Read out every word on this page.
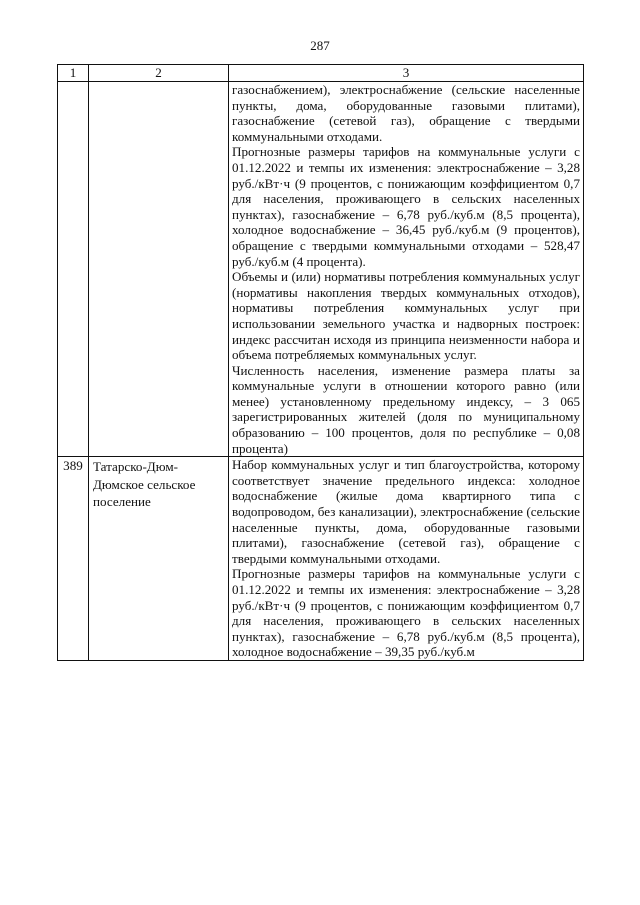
287
1	2	3

		газоснабжением), электроснабжение (сельские населенные пункты, дома, оборудованные газовыми плитами), газоснабжение (сетевой газ), обращение с твердыми коммунальными отходами.

Прогнозные размеры тарифов на коммунальные услуги с 01.12.2022 и темпы их изменения: электроснабжение – 3,28 руб./кВт·ч (9 процентов, с понижающим коэффициентом 0,7 для населения, проживающего в сельских населенных пунктах), газоснабжение – 6,78 руб./куб.м (8,5 процента), холодное водоснабжение – 36,45 руб./куб.м (9 процентов), обращение с твердыми коммунальными отходами – 528,47 руб./куб.м (4 процента).

Объемы и (или) нормативы потребления коммунальных услуг (нормативы накопления твердых коммунальных отходов), нормативы потребления коммунальных услуг при использовании земельного участка и надворных построек: индекс рассчитан исходя из принципа неизменности набора и объема потребляемых коммунальных услуг.

Численность населения, изменение размера платы за коммунальные услуги в отношении которого равно (или менее) установленному предельному индексу, – 3 065 зарегистрированных жителей (доля по муниципальному образованию – 100 процентов, доля по республике – 0,08 процента)

389	Татарско-Дюм-Дюмское сельское поселение	Набор коммунальных услуг и тип благоустройства, которому соответствует значение предельного индекса: холодное водоснабжение (жилые дома квартирного типа с водопроводом, без канализации), электроснабжение (сельские населенные пункты, дома, оборудованные газовыми плитами), газоснабжение (сетевой газ), обращение с твердыми коммунальными отходами.

Прогнозные размеры тарифов на коммунальные услуги с 01.12.2022 и темпы их изменения: электроснабжение – 3,28 руб./кВт·ч (9 процентов, с понижающим коэффициентом 0,7 для населения, проживающего в сельских населенных пунктах), газоснабжение – 6,78 руб./куб.м (8,5 процента), холодное водоснабжение – 39,35 руб./куб.м
